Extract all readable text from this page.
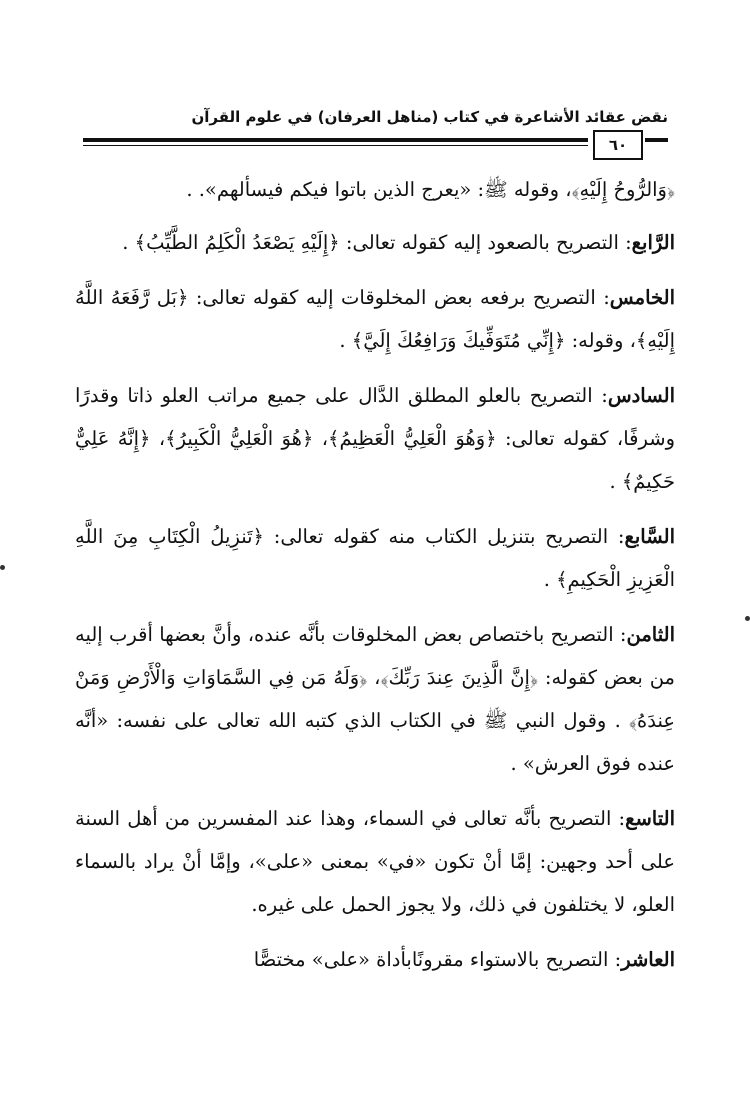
نقض عقائد الأشاعرة في كتاب (مناهل العرفان) في علوم القرآن
٦٠

﴿وَالرُّوحُ إِلَيْهِ﴾، وقوله ﷺ: «يعرج الذين باتوا فيكم فيسألهم». .

الرَّابع: التصريح بالصعود إليه كقوله تعالى: ﴿إِلَيْهِ يَصْعَدُ الْكَلِمُ الطَّيِّبُ﴾ .

الخامس: التصريح برفعه بعض المخلوقات إليه كقوله تعالى: ﴿بَل رَّفَعَهُ اللَّهُ إِلَيْهِ﴾، وقوله: ﴿إِنِّي مُتَوَفِّيكَ وَرَافِعُكَ إِلَيَّ﴾ .

السادس: التصريح بالعلو المطلق الدَّال على جميع مراتب العلو ذاتا وقدرًا وشرفًا، كقوله تعالى: ﴿وَهُوَ الْعَلِيُّ الْعَظِيمُ﴾، ﴿هُوَ الْعَلِيُّ الْكَبِيرُ﴾، ﴿إِنَّهُ عَلِيٌّ حَكِيمٌ﴾ .

السَّابع: التصريح بتنزيل الكتاب منه كقوله تعالى: ﴿تَنزِيلُ الْكِتَابِ مِنَ اللَّهِ الْعَزِيزِ الْحَكِيمِ﴾ .

الثامن: التصريح باختصاص بعض المخلوقات بأنَّه عنده، وأنَّ بعضها أقرب إليه من بعض كقوله: ﴿إِنَّ الَّذِينَ عِندَ رَبِّكَ﴾، ﴿وَلَهُ مَن فِي السَّمَاوَاتِ وَالْأَرْضِ وَمَنْ عِندَهُ﴾ . وقول النبي ﷺ في الكتاب الذي كتبه الله تعالى على نفسه: «أنَّه عنده فوق العرش» .

التاسع: التصريح بأنَّه تعالى في السماء، وهذا عند المفسرين من أهل السنة على أحد وجهين: إمَّا أنْ تكون «في» بمعنى «على»، وإمَّا أنْ يراد بالسماء العلو، لا يختلفون في ذلك، ولا يجوز الحمل على غيره.

العاشر: التصريح بالاستواء مقرونًابأداة «على» مختصًّا
